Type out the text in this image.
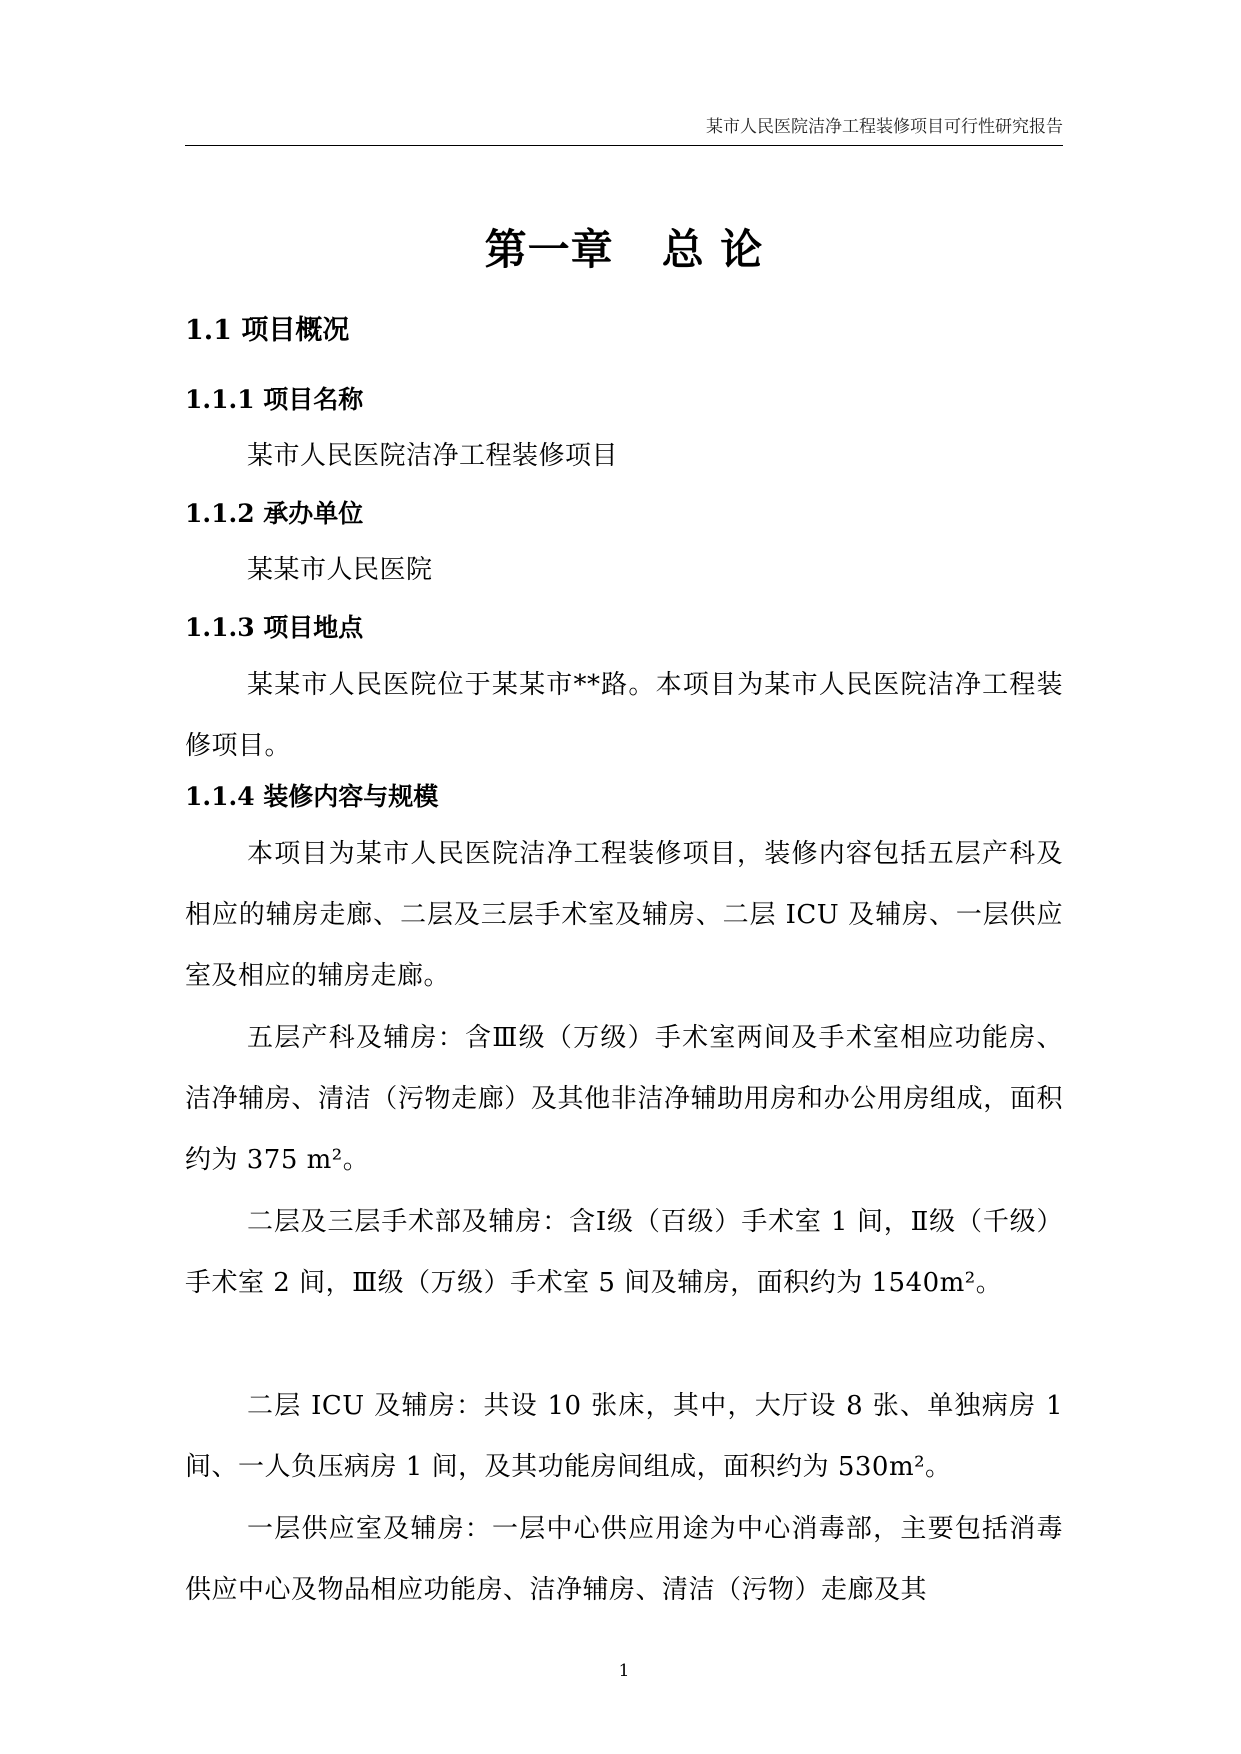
某市人民医院洁净工程装修项目可行性研究报告
第一章 总 论
1.1 项目概况
1.1.1 项目名称
某市人民医院洁净工程装修项目
1.1.2 承办单位
某某市人民医院
1.1.3 项目地点
某某市人民医院位于某某市**路。本项目为某市人民医院洁净工程装修项目。
1.1.4 装修内容与规模
本项目为某市人民医院洁净工程装修项目，装修内容包括五层产科及相应的辅房走廊、二层及三层手术室及辅房、二层 ICU 及辅房、一层供应室及相应的辅房走廊。
五层产科及辅房：含Ⅲ级（万级）手术室两间及手术室相应功能房、洁净辅房、清洁（污物走廊）及其他非洁净辅助用房和办公用房组成，面积约为 375 m²。
二层及三层手术部及辅房：含Ⅰ级（百级）手术室 1 间，Ⅱ级（千级）手术室 2 间，Ⅲ级（万级）手术室 5 间及辅房，面积约为 1540m²。
二层 ICU 及辅房：共设 10 张床，其中，大厅设 8 张、单独病房 1 间、一人负压病房 1 间，及其功能房间组成，面积约为 530m²。
一层供应室及辅房：一层中心供应用途为中心消毒部，主要包括消毒供应中心及物品相应功能房、洁净辅房、清洁（污物）走廊及其
1
